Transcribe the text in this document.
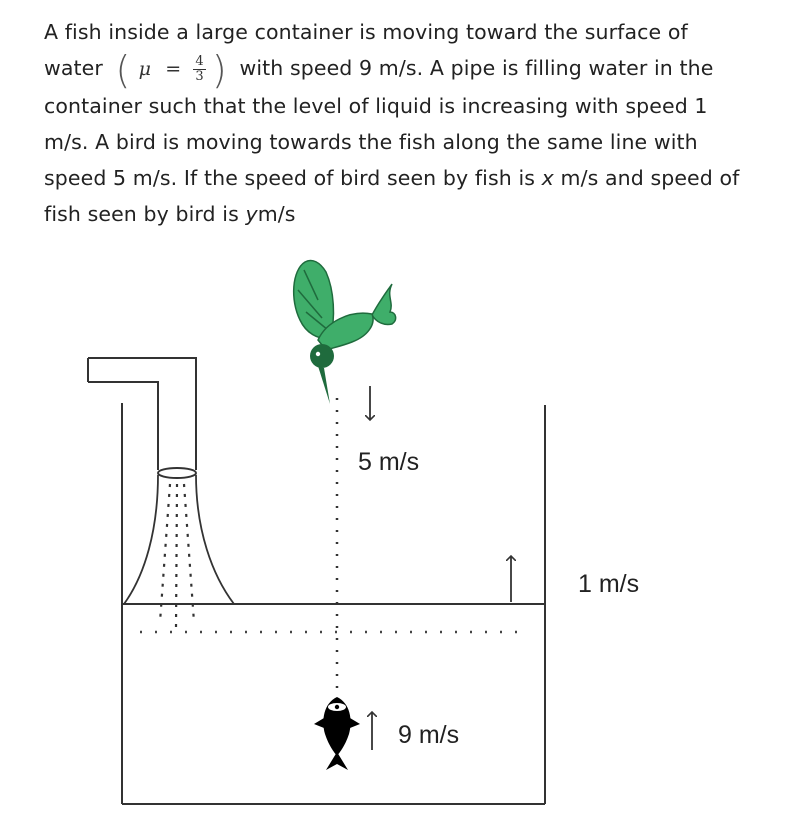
A fish inside a large container is moving toward the surface of
water ( $\mu = \frac{4}{3}$ ) with speed 9 m/s. A pipe is filling water in the
container such that the level of liquid is increasing with speed 1
m/s. A bird is moving towards the fish along the same line with
speed 5 m/s. If the speed of bird seen by fish is x m/s and speed of
fish seen by bird is ym/s
5 m/s
1 m/s
9 m/s
